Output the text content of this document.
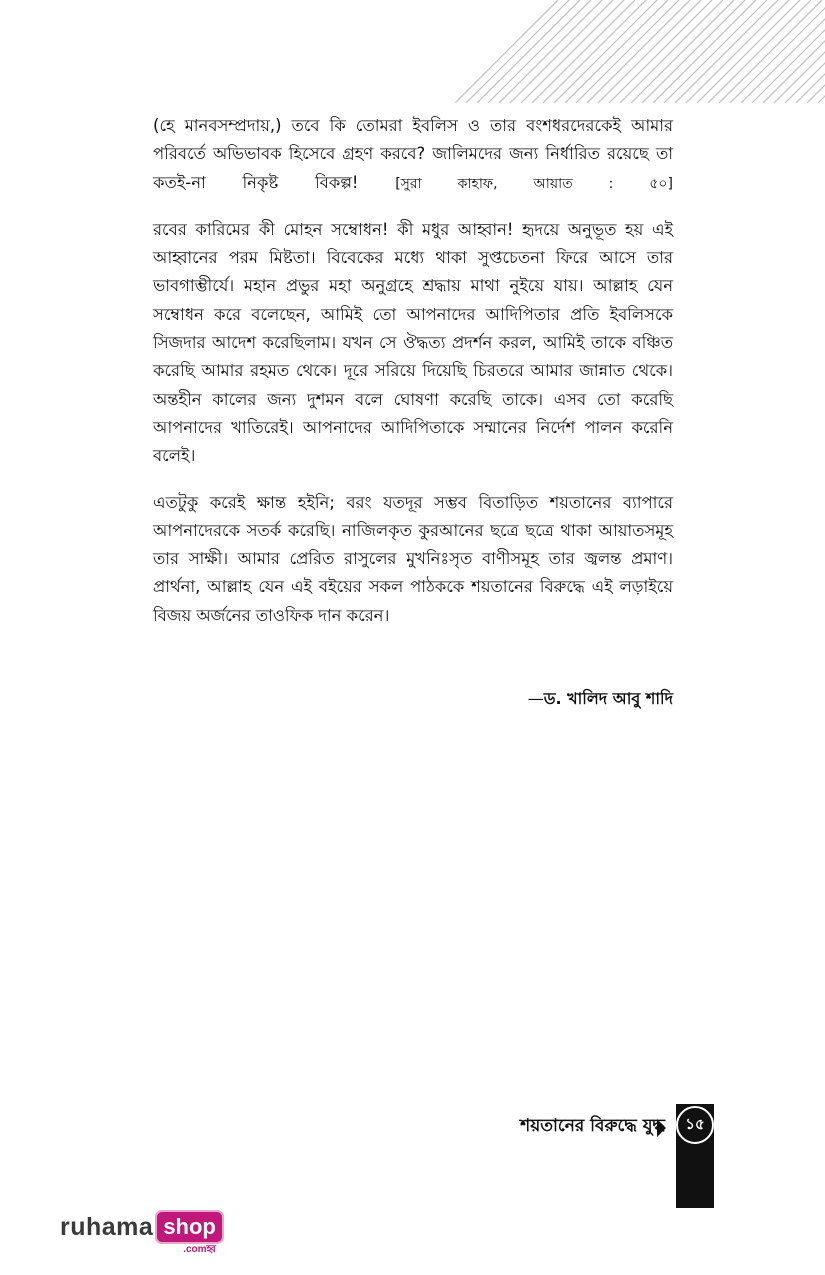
(হে মানবসম্প্রদায়,) তবে কি তোমরা ইবলিস ও তার বংশধরদেরকেই আমার পরিবর্তে অভিভাবক হিসেবে গ্রহণ করবে? জালিমদের জন্য নির্ধারিত রয়েছে তা কতই-না নিকৃষ্ট বিকল্প! [সুরা কাহাফ, আয়াত : ৫০]

রবের কারিমের কী মোহন সম্বোধন! কী মধুর আহ্বান! হৃদয়ে অনুভূত হয় এই আহ্বানের পরম মিষ্টতা। বিবেকের মধ্যে থাকা সুপ্তচেতনা ফিরে আসে তার ভাবগাম্ভীর্যে। মহান প্রভুর মহা অনুগ্রহে শ্রদ্ধায় মাথা নুইয়ে যায়। আল্লাহ যেন সম্বোধন করে বলেছেন, আমিই তো আপনাদের আদিপিতার প্রতি ইবলিসকে সিজদার আদেশ করেছিলাম। যখন সে ঔদ্ধত্য প্রদর্শন করল, আমিই তাকে বঞ্চিত করেছি আমার রহমত থেকে। দূরে সরিয়ে দিয়েছি চিরতরে আমার জান্নাত থেকে। অন্তহীন কালের জন্য দুশমন বলে ঘোষণা করেছি তাকে। এসব তো করেছি আপনাদের খাতিরেই। আপনাদের আদিপিতাকে সম্মানের নির্দেশ পালন করেনি বলেই।

এতটুকু করেই ক্ষান্ত হইনি; বরং যতদূর সম্ভব বিতাড়িত শয়তানের ব্যাপারে আপনাদেরকে সতর্ক করেছি। নাজিলকৃত কুরআনের ছত্রে ছত্রে থাকা আয়াতসমূহ তার সাক্ষী। আমার প্রেরিত রাসুলের মুখনিঃসৃত বাণীসমূহ তার জ্বলন্ত প্রমাণ। প্রার্থনা, আল্লাহ যেন এই বইয়ের সকল পাঠককে শয়তানের বিরুদ্ধে এই লড়াইয়ে বিজয় অর্জনের তাওফিক দান করেন।

—ড. খালিদ আবু শাদি
শয়তানের বিরুদ্ধে যুদ্ধ	১৫
ruhama shop
.comহ্ব
